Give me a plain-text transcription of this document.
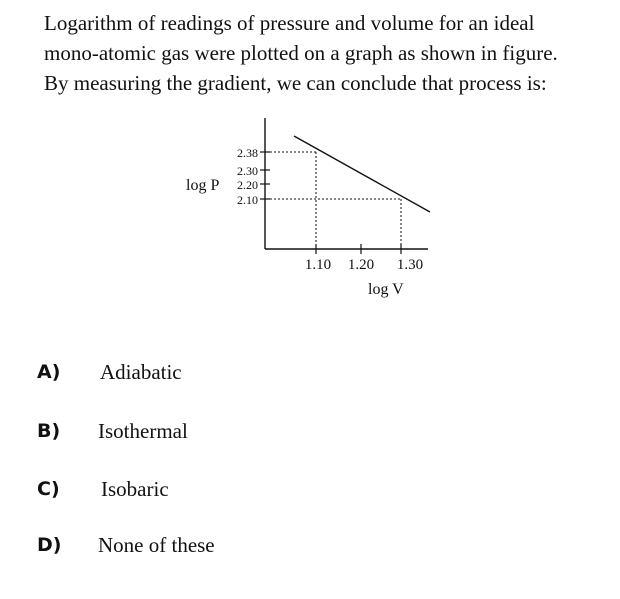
Logarithm of readings of pressure and volume for an ideal
mono-atomic gas were plotted on a graph as shown in figure.
By measuring the gradient, we can conclude that process is:
2.38
2.30
2.20
2.10
log P
1.10 1.20 1.30
log V
A) Adiabatic
B) Isothermal
C) Isobaric
D) None of these
